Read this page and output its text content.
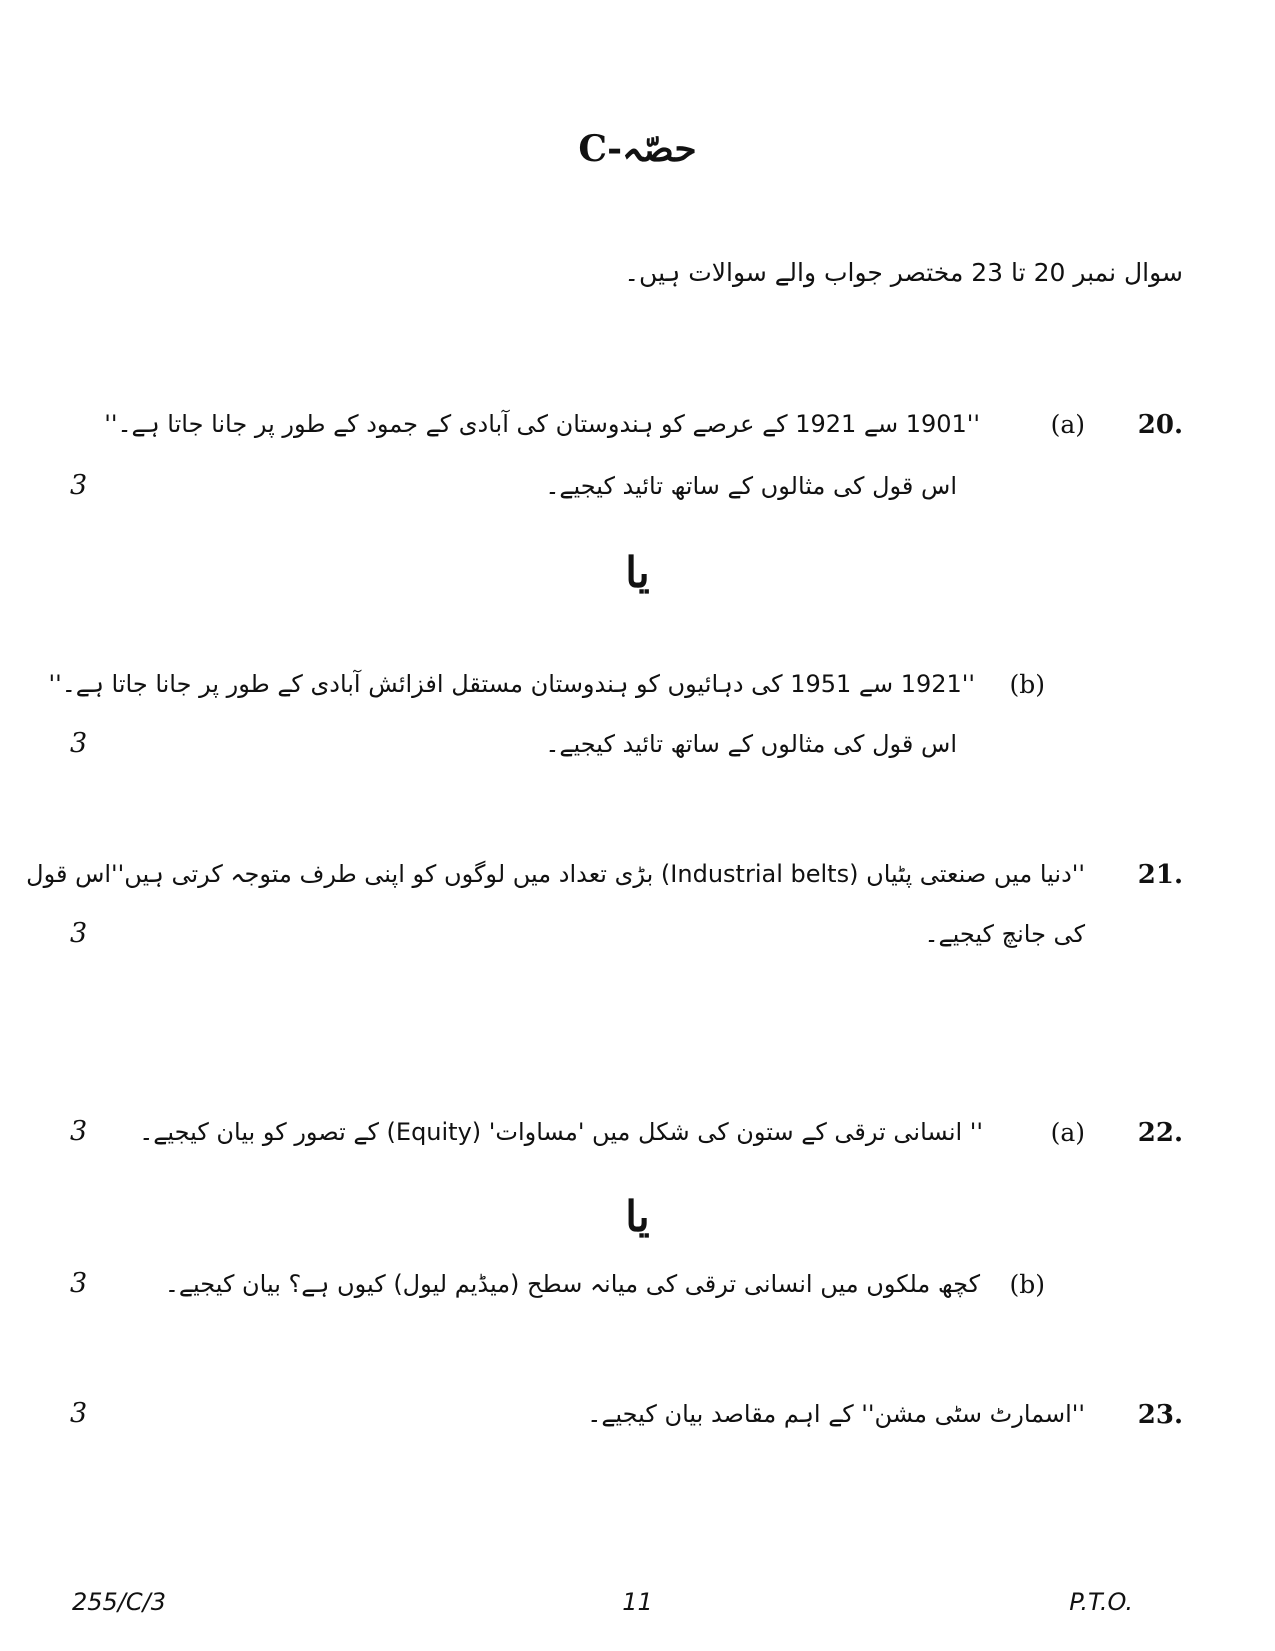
حصّہ-C
سوال نمبر 20 تا 23 مختصر جواب والے سوالات ہیں۔
20.
(a)
''1901 سے 1921 کے عرصے کو ہندوستان کی آبادی کے جمود کے طور پر جانا جاتا ہے۔''
اس قول کی مثالوں کے ساتھ تائید کیجیے۔
3
یا
(b)
''1921 سے 1951 کی دہائیوں کو ہندوستان مستقل افزائش آبادی کے طور پر جانا جاتا ہے۔''
اس قول کی مثالوں کے ساتھ تائید کیجیے۔
3
21.
''دنیا میں صنعتی پٹیاں (Industrial belts) بڑی تعداد میں لوگوں کو اپنی طرف متوجہ کرتی ہیں''اس قول
کی جانچ کیجیے۔
3
22.
(a)
'' انسانی ترقی کے ستون کی شکل میں 'مساوات' (Equity) کے تصور کو بیان کیجیے۔
3
یا
(b)
کچھ ملکوں میں انسانی ترقی کی میانہ سطح (میڈیم لیول) کیوں ہے؟ بیان کیجیے۔
3
23.
''اسمارٹ سٹی مشن'' کے اہم مقاصد بیان کیجیے۔
3
255/C/3	11	P.T.O.
